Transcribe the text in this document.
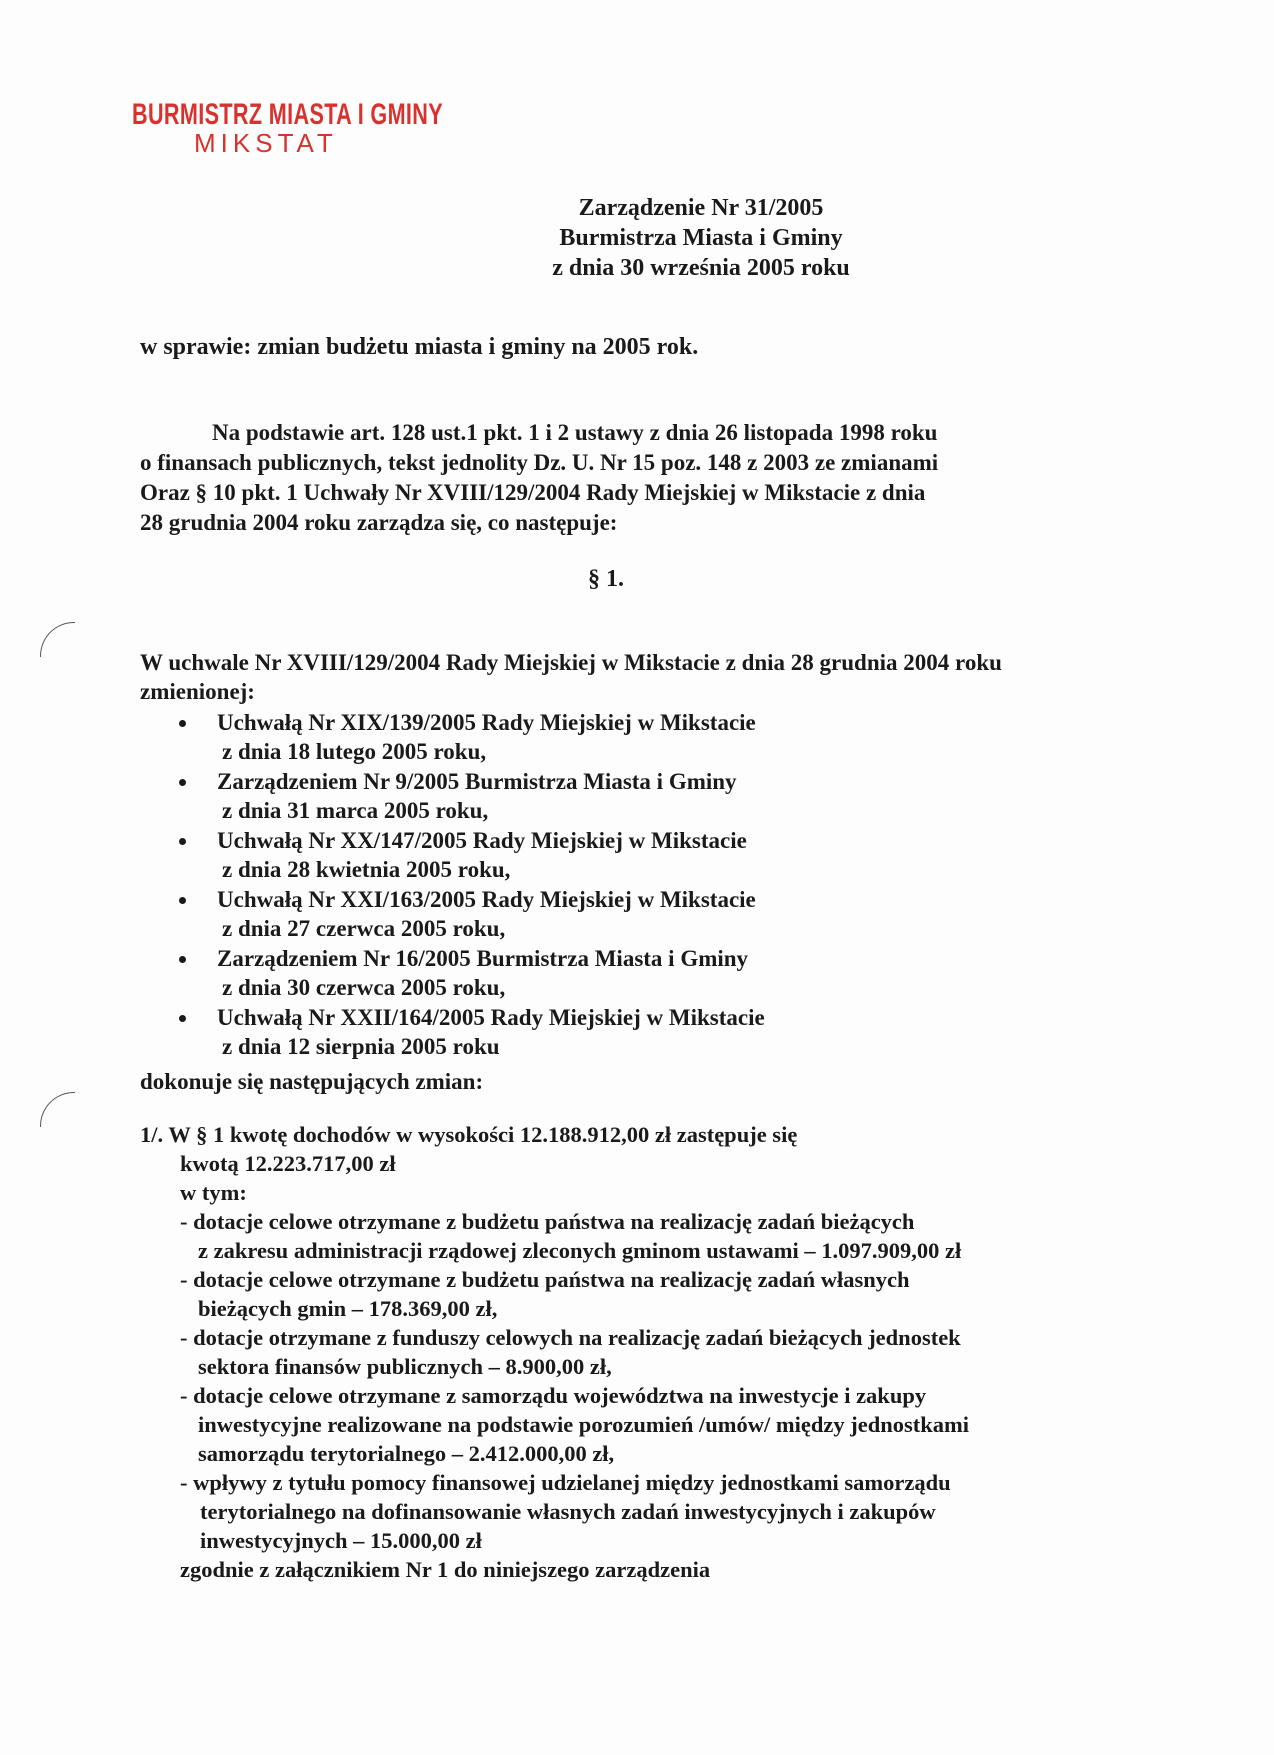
BURMISTRZ MIASTA I GMINY
MIKSTAT
Zarządzenie Nr 31/2005
Burmistrza Miasta i Gminy
z dnia 30 września 2005 roku
w sprawie: zmian budżetu miasta i gminy na 2005 rok.

Na podstawie art. 128 ust.1 pkt. 1 i 2 ustawy z dnia 26 listopada 1998 roku

o finansach publicznych, tekst jednolity Dz. U. Nr 15 poz. 148 z 2003 ze zmianami

Oraz § 10 pkt. 1 Uchwały Nr XVIII/129/2004 Rady Miejskiej w Mikstacie z dnia

28 grudnia 2004 roku zarządza się, co następuje:

§ 1.

W uchwale Nr XVIII/129/2004 Rady Miejskiej w Mikstacie z dnia 28 grudnia 2004 roku

zmienionej:

Uchwałą Nr XIX/139/2005 Rady Miejskiej w Mikstacie
z dnia 18 lutego 2005 roku,
Zarządzeniem Nr 9/2005 Burmistrza Miasta i Gminy
z dnia 31 marca 2005 roku,
Uchwałą Nr XX/147/2005 Rady Miejskiej w Mikstacie
z dnia 28 kwietnia 2005 roku,
Uchwałą Nr XXI/163/2005 Rady Miejskiej w Mikstacie
z dnia 27 czerwca 2005 roku,
Zarządzeniem Nr 16/2005 Burmistrza Miasta i Gminy
z dnia 30 czerwca 2005 roku,
Uchwałą Nr XXII/164/2005 Rady Miejskiej w Mikstacie
z dnia 12 sierpnia 2005 roku
dokonuje się następujących zmian:
1/. W § 1 kwotę dochodów w wysokości 12.188.912,00 zł zastępuje się
kwotą 12.223.717,00 zł
w tym:
- dotacje celowe otrzymane z budżetu państwa na realizację zadań bieżących
z zakresu administracji rządowej zleconych gminom ustawami – 1.097.909,00 zł
- dotacje celowe otrzymane z budżetu państwa na realizację zadań własnych
bieżących gmin – 178.369,00 zł,
- dotacje otrzymane z funduszy celowych na realizację zadań bieżących jednostek
sektora finansów publicznych – 8.900,00 zł,
- dotacje celowe otrzymane z samorządu województwa na inwestycje i zakupy
inwestycyjne realizowane na podstawie porozumień /umów/ między jednostkami
samorządu terytorialnego – 2.412.000,00 zł,
- wpływy z tytułu pomocy finansowej udzielanej między jednostkami samorządu
terytorialnego na dofinansowanie własnych zadań inwestycyjnych i zakupów
inwestycyjnych – 15.000,00 zł
zgodnie z załącznikiem Nr 1 do niniejszego zarządzenia
